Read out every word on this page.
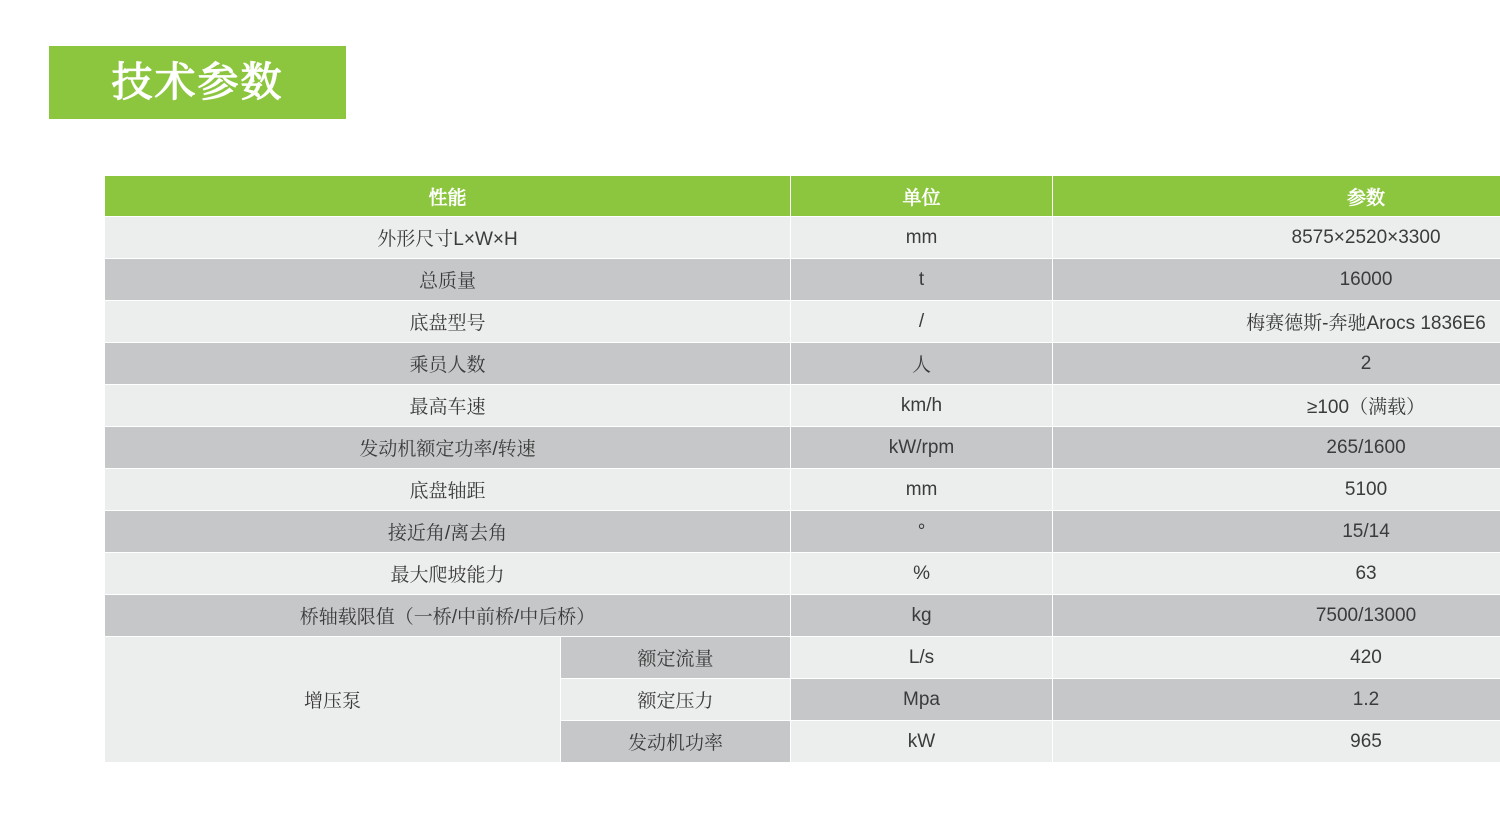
技术参数
性能		单位	参数
外形尺寸L×W×H		mm	8575×2520×3300
总质量		t	16000
底盘型号		/	梅赛德斯-奔驰Arocs 1836E6
乘员人数		人	2
最高车速		km/h	≥100（满载）
发动机额定功率/转速		kW/rpm	265/1600
底盘轴距		mm	5100
接近角/离去角		°	15/14
最大爬坡能力		%	63
桥轴载限值（一桥/中前桥/中后桥）		kg	7500/13000
增压泵	额定流量	L/s	420
	额定压力	Mpa	1.2
	发动机功率	kW	965
